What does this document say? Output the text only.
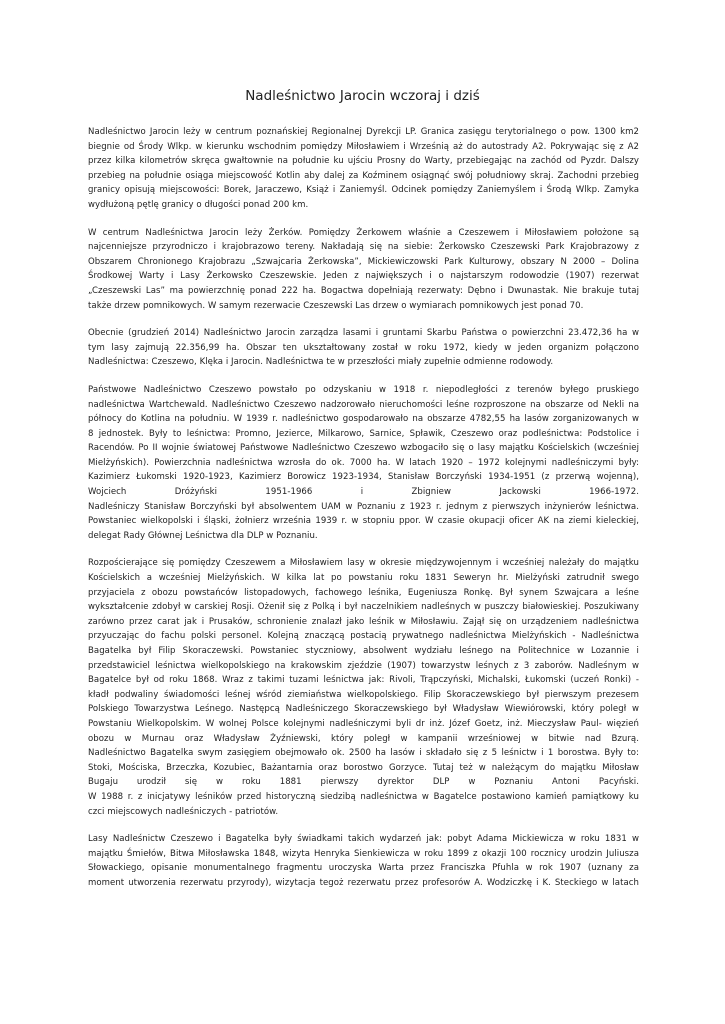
Nadleśnictwo Jarocin wczoraj i dziś

Nadleśnictwo Jarocin leży w centrum poznańskiej Regionalnej Dyrekcji LP. Granica zasięgu terytorialnego o pow. 1300 km2
biegnie od Środy Wlkp. w kierunku wschodnim pomiędzy Miłosławiem i Wrześnią aż do autostrady A2. Pokrywając się z A2
przez kilka kilometrów skręca gwałtownie na południe ku ujściu Prosny do Warty, przebiegając na zachód od Pyzdr. Dalszy
przebieg na południe osiąga miejscowość Kotlin aby dalej za Koźminem osiągnąć swój południowy skraj. Zachodni przebieg
granicy opisują miejscowości: Borek, Jaraczewo, Książ i Zaniemyśl. Odcinek pomiędzy Zaniemyślem i Środą Wlkp. Zamyka
wydłużoną pętlę granicy o długości ponad 200 km.

W centrum Nadleśnictwa Jarocin leży Żerków. Pomiędzy Żerkowem właśnie a Czeszewem i Miłosławiem położone są
najcenniejsze przyrodniczo i krajobrazowo tereny. Nakładają się na siebie: Żerkowsko Czeszewski Park Krajobrazowy z
Obszarem Chronionego Krajobrazu „Szwajcaria Żerkowska”, Mickiewiczowski Park Kulturowy, obszary N 2000 – Dolina
Środkowej Warty i Lasy Żerkowsko Czeszewskie. Jeden z największych i o najstarszym rodowodzie (1907) rezerwat
„Czeszewski Las” ma powierzchnię ponad 222 ha. Bogactwa dopełniają rezerwaty: Dębno i Dwunastak. Nie brakuje tutaj
także drzew pomnikowych. W samym rezerwacie Czeszewski Las drzew o wymiarach pomnikowych jest ponad 70.

Obecnie (grudzień 2014) Nadleśnictwo Jarocin zarządza lasami i gruntami Skarbu Państwa o powierzchni 23.472,36 ha w
tym lasy zajmują 22.356,99 ha. Obszar ten ukształtowany został w roku 1972, kiedy w jeden organizm połączono
Nadleśnictwa: Czeszewo, Klęka i Jarocin. Nadleśnictwa te w przeszłości miały zupełnie odmienne rodowody.

Państwowe Nadleśnictwo Czeszewo powstało po odzyskaniu w 1918 r. niepodległości z terenów byłego pruskiego
nadleśnictwa Wartchewald. Nadleśnictwo Czeszewo nadzorowało nieruchomości leśne rozproszone na obszarze od Nekli na
północy do Kotlina na południu. W 1939 r. nadleśnictwo gospodarowało na obszarze 4782,55 ha lasów zorganizowanych w
8 jednostek. Były to leśnictwa: Promno, Jezierce, Milkarowo, Sarnice, Spławik, Czeszewo oraz podleśnictwa: Podstolice i
Racendów. Po II wojnie światowej Państwowe Nadleśnictwo Czeszewo wzbogaciło się o lasy majątku Kościelskich (wcześniej
Mielżyńskich). Powierzchnia nadleśnictwa wzrosła do ok. 7000 ha. W latach 1920 – 1972 kolejnymi nadleśniczymi były:
Kazimierz Łukomski 1920-1923, Kazimierz Borowicz 1923-1934, Stanisław Borczyński 1934-1951 (z przerwą wojenną),
Wojciech Dróżyński 1951-1966 i Zbigniew Jackowski 1966-1972.
Nadleśniczy Stanisław Borczyński był absolwentem UAM w Poznaniu z 1923 r. jednym z pierwszych inżynierów leśnictwa.
Powstaniec wielkopolski i śląski, żołnierz września 1939 r. w stopniu ppor. W czasie okupacji oficer AK na ziemi kieleckiej,
delegat Rady Głównej Leśnictwa dla DLP w Poznaniu.

Rozpościerające się pomiędzy Czeszewem a Miłosławiem lasy w okresie międzywojennym i wcześniej należały do majątku
Kościelskich a wcześniej Mielżyńskich. W kilka lat po powstaniu roku 1831 Seweryn hr. Mielżyński zatrudnił swego
przyjaciela z obozu powstańców listopadowych, fachowego leśnika, Eugeniusza Ronkę. Był synem Szwajcara a leśne
wykształcenie zdobył w carskiej Rosji. Ożenił się z Polką i był naczelnikiem nadleśnych w puszczy białowieskiej. Poszukiwany
zarówno przez carat jak i Prusaków, schronienie znalazł jako leśnik w Miłosławiu. Zajął się on urządzeniem nadleśnictwa
przyuczając do fachu polski personel. Kolejną znaczącą postacią prywatnego nadleśnictwa Mielżyńskich - Nadleśnictwa
Bagatelka był Filip Skoraczewski. Powstaniec styczniowy, absolwent wydziału leśnego na Politechnice w Lozannie i
przedstawiciel leśnictwa wielkopolskiego na krakowskim zjeździe (1907) towarzystw leśnych z 3 zaborów. Nadleśnym w
Bagatelce był od roku 1868. Wraz z takimi tuzami leśnictwa jak: Rivoli, Trąpczyński, Michalski, Łukomski (uczeń Ronki) -
kładł podwaliny świadomości leśnej wśród ziemiaństwa wielkopolskiego. Filip Skoraczewskiego był pierwszym prezesem
Polskiego Towarzystwa Leśnego. Następcą Nadleśniczego Skoraczewskiego był Władysław Wiewiórowski, który poległ w
Powstaniu Wielkopolskim. W wolnej Polsce kolejnymi nadleśniczymi byli dr inż. Józef Goetz, inż. Mieczysław Paul- więzień
obozu w Murnau oraz Władysław Żyźniewski, który poległ w kampanii wrześniowej w bitwie nad Bzurą.
Nadleśnictwo Bagatelka swym zasięgiem obejmowało ok. 2500 ha lasów i składało się z 5 leśnictw i 1 borostwa. Były to:
Stoki, Mościska, Brzeczka, Kozubiec, Bażantarnia oraz borostwo Gorzyce. Tutaj też w należącym do majątku Miłosław
Bugaju urodził się w roku 1881 pierwszy dyrektor DLP w Poznaniu Antoni Pacyński.
W 1988 r. z inicjatywy leśników przed historyczną siedzibą nadleśnictwa w Bagatelce postawiono kamień pamiątkowy ku
czci miejscowych nadleśniczych - patriotów.

Lasy Nadleśnictw Czeszewo i Bagatelka były świadkami takich wydarzeń jak: pobyt Adama Mickiewicza w roku 1831 w
majątku Śmiełów, Bitwa Miłosławska 1848, wizyta Henryka Sienkiewicza w roku 1899 z okazji 100 rocznicy urodzin Juliusza
Słowackiego, opisanie monumentalnego fragmentu uroczyska Warta przez Franciszka Pfuhla w rok 1907 (uznany za
moment utworzenia rezerwatu przyrody), wizytacja tegoż rezerwatu przez profesorów A. Wodziczkę i K. Steckiego w latach
